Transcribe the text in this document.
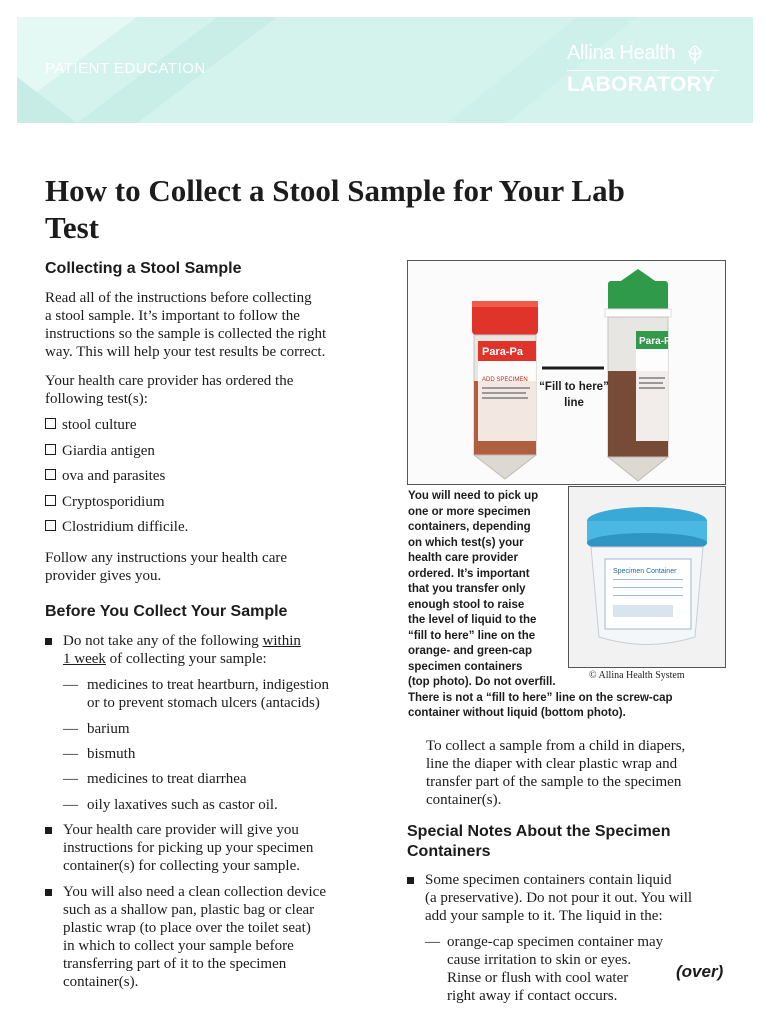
PATIENT EDUCATION
Allina Health
LABORATORY
How to Collect a Stool Sample for Your Lab Test
Collecting a Stool Sample
Read all of the instructions before collecting
a stool sample. It’s important to follow the
instructions so the sample is collected the right
way. This will help your test results be correct.
Your health care provider has ordered the
following test(s):
stool culture
Giardia antigen
ova and parasites
Cryptosporidium
Clostridium difficile.
Follow any instructions your health care
provider gives you.
Before You Collect Your Sample
Do not take any of the following within
1 week of collecting your sample:
— medicines to treat heartburn, indigestion
or to prevent stomach ulcers (antacids)
— barium
— bismuth
— medicines to treat diarrhea
— oily laxatives such as castor oil.
Your health care provider will give you
instructions for picking up your specimen
container(s) for collecting your sample.
You will also need a clean collection device
such as a shallow pan, plastic bag or clear
plastic wrap (to place over the toilet seat)
in which to collect your sample before
transferring part of it to the specimen
container(s).
Para-Pa
ADD SPECIMEN
Para-F
“Fill to here”
line
Specimen Container
© Allina Health System
You will need to pick up
one or more specimen
containers, depending
on which test(s) your
health care provider
ordered. It’s important
that you transfer only
enough stool to raise
the level of liquid to the
“fill to here” line on the
orange- and green-cap
specimen containers
(top photo). Do not overfill.
There is not a “fill to here” line on the screw-cap
container without liquid (bottom photo).
To collect a sample from a child in diapers,
line the diaper with clear plastic wrap and
transfer part of the sample to the specimen
container(s).
Special Notes About the Specimen
Containers
Some specimen containers contain liquid
(a preservative). Do not pour it out. You will
add your sample to it. The liquid in the:
— orange-cap specimen container may
cause irritation to skin or eyes.
Rinse or flush with cool water
right away if contact occurs.
(over)
